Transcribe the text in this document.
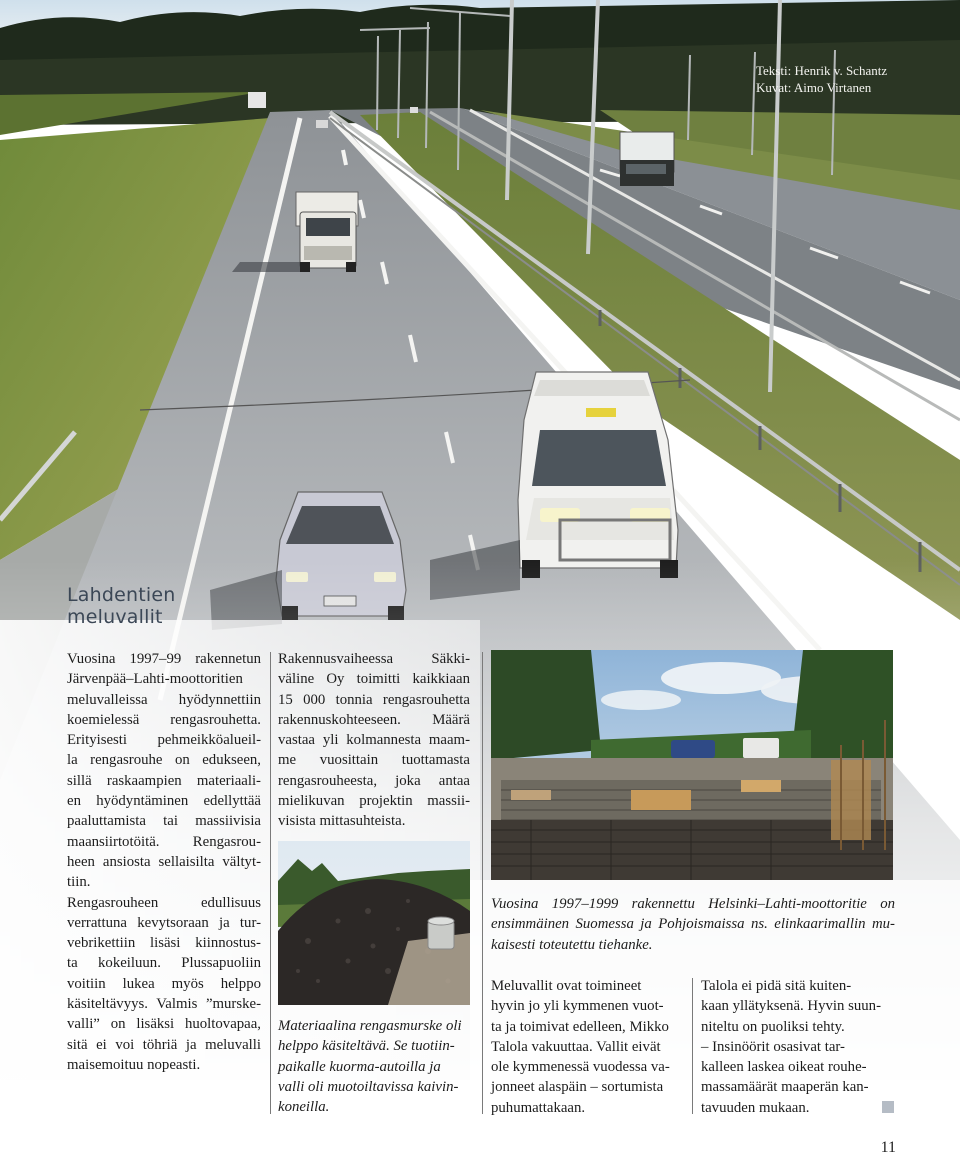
Teksti: Henrik v. Schantz
Kuvat: Aimo Virtanen
Lahdentien
meluvallit
Vuosina 1997–99 rakennetun
Järvenpää–Lahti-moottoritien
meluvalleissa hyödynnettiin
koemielessä rengasrouhetta.
Erityisesti pehmeikköalueil-
la rengasrouhe on edukseen,
sillä raskaampien materiaali-
en hyödyntäminen edellyttää
paaluttamista tai massiivisia
maansiirtotöitä. Rengasrou-
heen ansiosta sellaisilta vältyt-
tiin.
Rengasrouheen edullisuus
verrattuna kevytsoraan ja tur-
vebrikettiin lisäsi kiinnostus-
ta kokeiluun. Plussapuoliin
voitiin lukea myös helppo
käsiteltävyys. Valmis ”murske-
valli” on lisäksi huoltovapaa,
sitä ei voi töhriä ja meluvalli
maisemoituu nopeasti.
Rakennusvaiheessa Säkki-
väline Oy toimitti kaikkiaan
15 000 tonnia rengasrouhetta
rakennuskohteeseen. Määrä
vastaa yli kolmannesta maam-
me vuosittain tuottamasta
rengasrouheesta, joka antaa
mielikuvan projektin massii-
visista mittasuhteista.
Materiaalina rengasmurske oli
helppo käsiteltävä. Se tuotiin-
paikalle kuorma-autoilla ja
valli oli muotoiltavissa kaivin-
koneilla.
Vuosina 1997–1999 rakennettu Helsinki–Lahti-moottoritie on
ensimmäinen Suomessa ja Pohjoismaissa ns. elinkaarimallin mu-
kaisesti toteutettu tiehanke.
Meluvallit ovat toimineet
hyvin jo yli kymmenen vuot-
ta ja toimivat edelleen, Mikko
Talola vakuuttaa. Vallit eivät
ole kymmenessä vuodessa va-
jonneet alaspäin – sortumista
puhumattakaan.
Talola ei pidä sitä kuiten-
kaan yllätyksenä. Hyvin suun-
niteltu on puoliksi tehty.
– Insinöörit osasivat tar-
kalleen laskea oikeat rouhe-
massamäärät maaperän kan-
tavuuden mukaan.
11
